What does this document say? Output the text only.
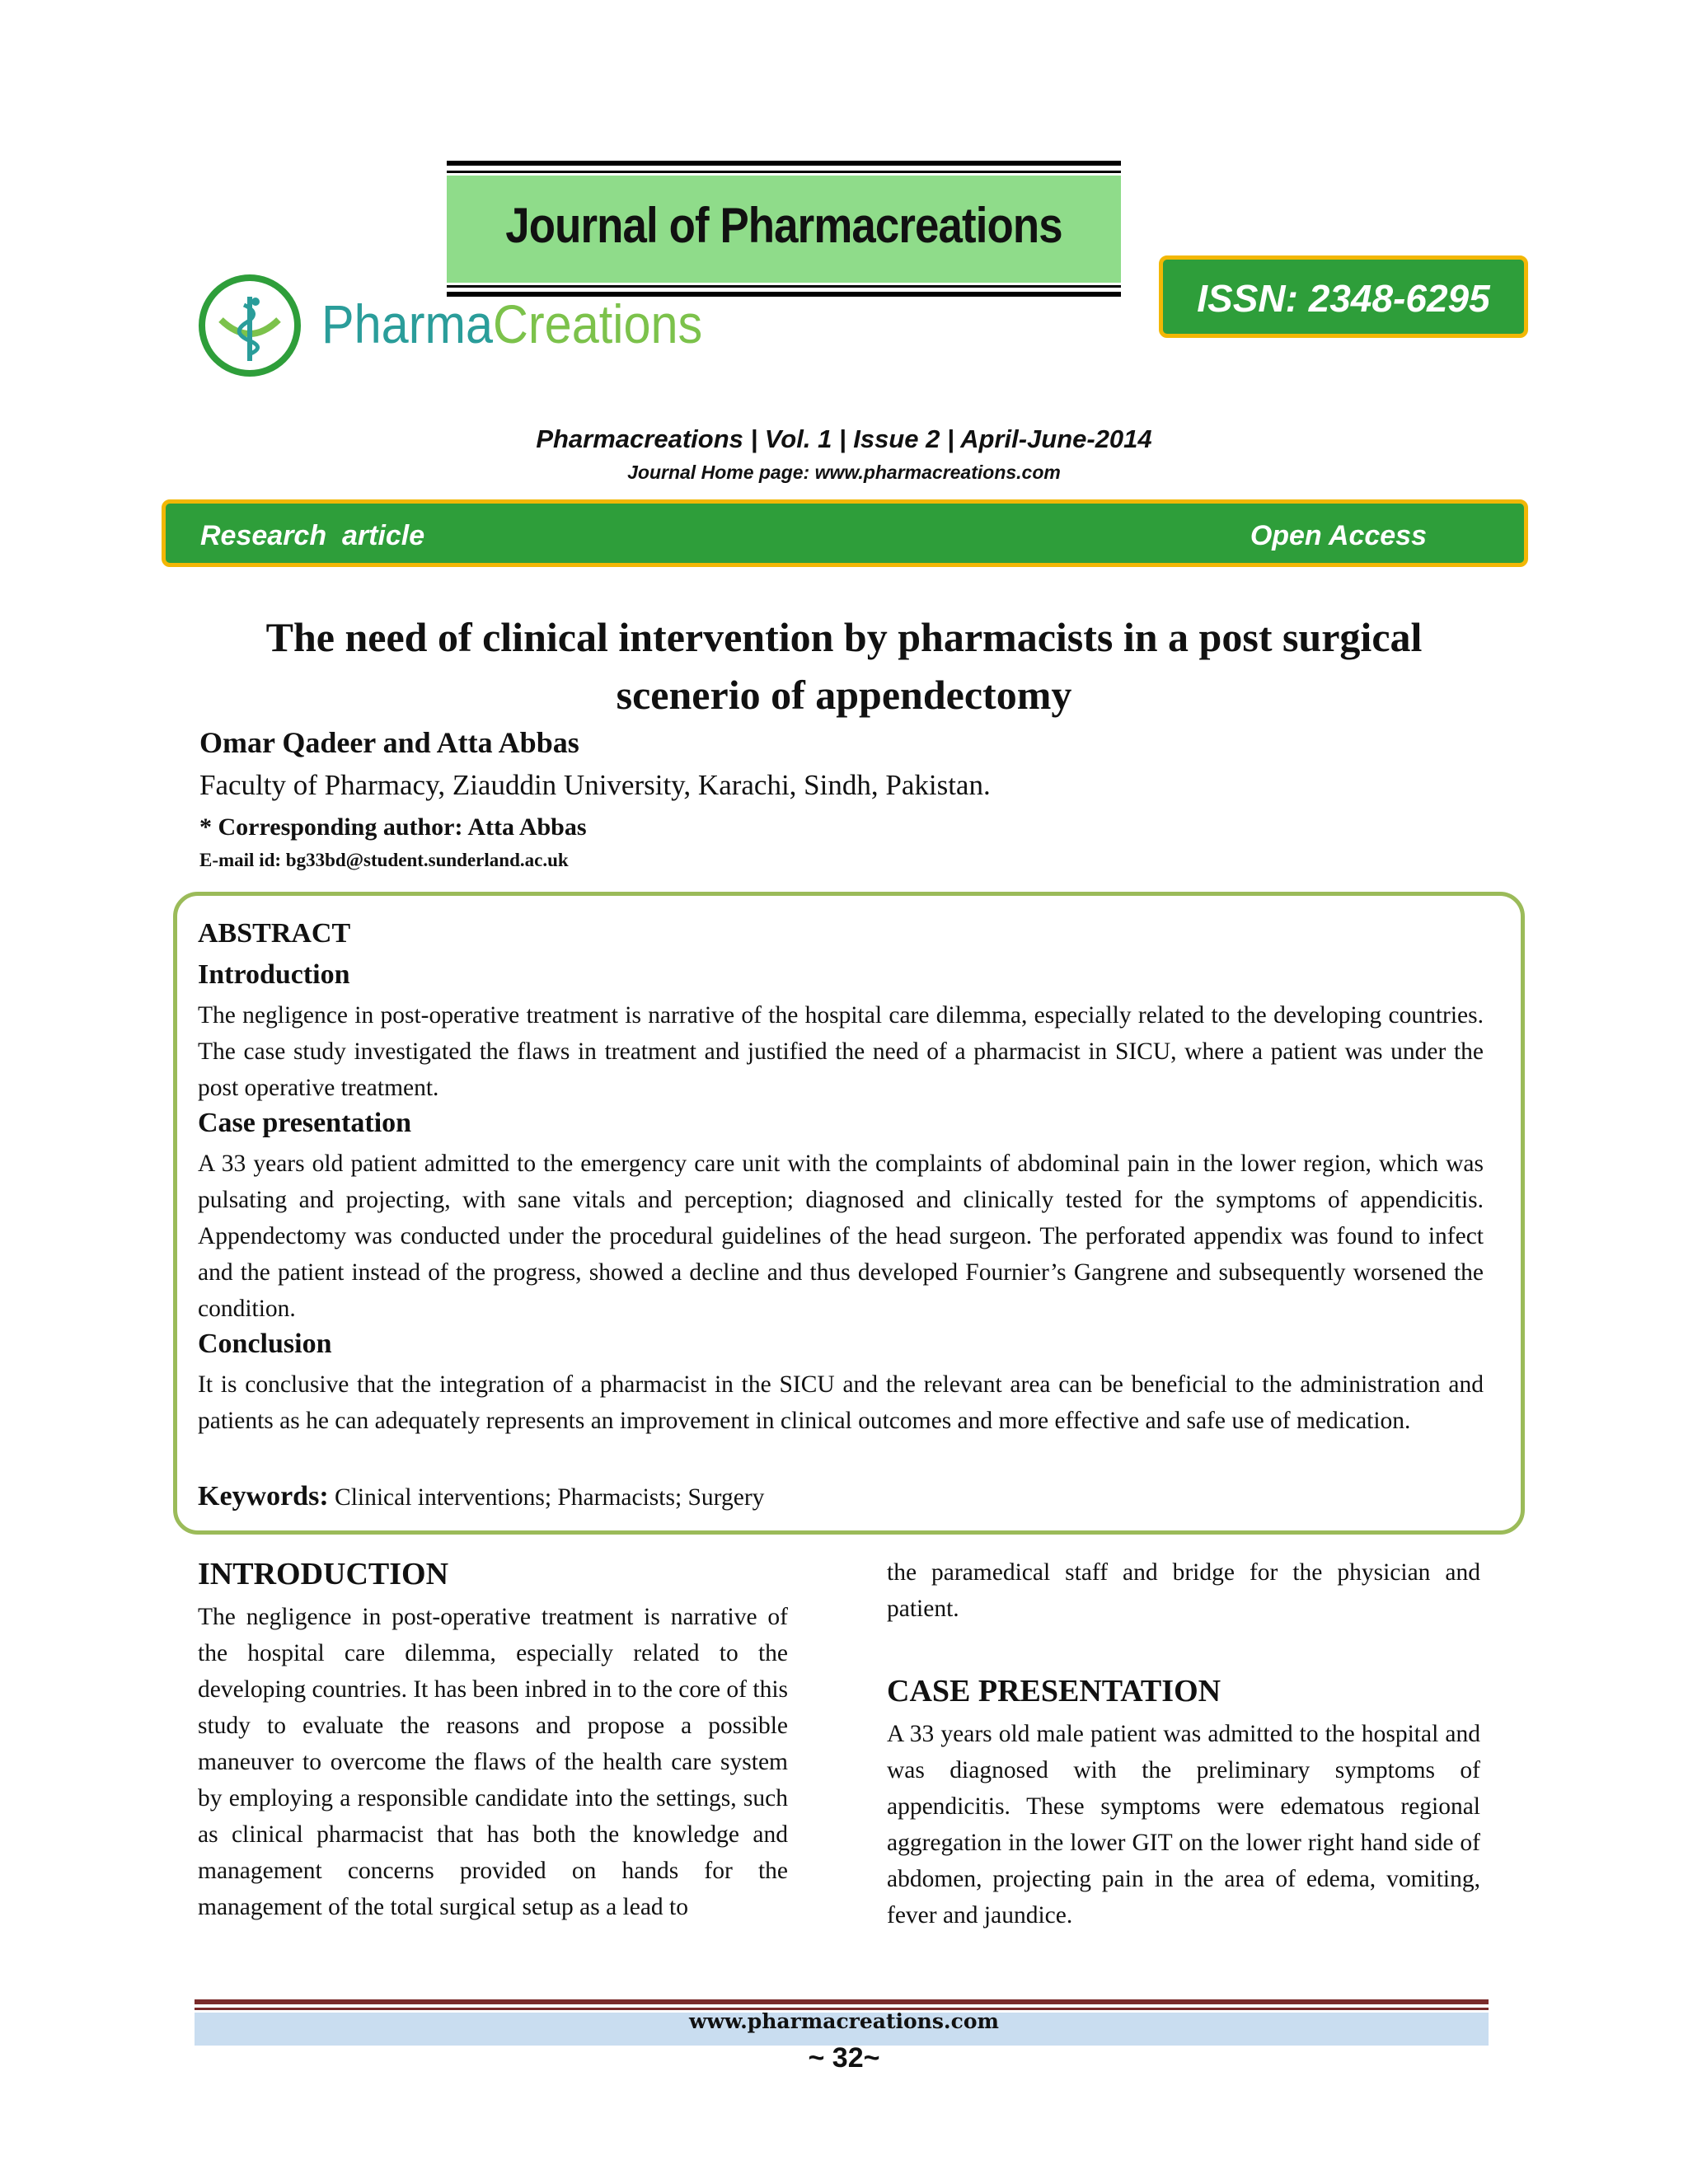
Journal of Pharmacreations
PharmaCreations	ISSN: 2348-6295
Pharmacreations | Vol. 1 | Issue 2 | April-June-2014
Journal Home page: www.pharmacreations.com
Research  article	Open Access
The need of clinical intervention by pharmacists in a post surgical
scenerio of appendectomy
Omar Qadeer and Atta Abbas
Faculty of Pharmacy, Ziauddin University, Karachi, Sindh, Pakistan.
* Corresponding author: Atta Abbas
E-mail id: bg33bd@student.sunderland.ac.uk
ABSTRACT
Introduction
The negligence in post-operative treatment is narrative of the hospital care dilemma, especially related to the developing countries. The case study investigated the flaws in treatment and justified the need of a pharmacist in SICU, where a patient was under the post operative treatment.
Case presentation
A 33 years old patient admitted to the emergency care unit with the complaints of abdominal pain in the lower region, which was pulsating and projecting, with sane vitals and perception; diagnosed and clinically tested for the symptoms of appendicitis. Appendectomy was conducted under the procedural guidelines of the head surgeon. The perforated appendix was found to infect and the patient instead of the progress, showed a decline and thus developed Fournier’s Gangrene and subsequently worsened the condition.
Conclusion
It is conclusive that the integration of a pharmacist in the SICU and the relevant area can be beneficial to the administration and patients as he can adequately represents an improvement in clinical outcomes and more effective and safe use of medication.
Keywords: Clinical interventions; Pharmacists; Surgery
INTRODUCTION
The negligence in post-operative treatment is narrative of the hospital care dilemma, especially related to the developing countries. It has been inbred in to the core of this study to evaluate the reasons and propose a possible maneuver to overcome the flaws of the health care system by employing a responsible candidate into the settings, such as clinical pharmacist that has both the knowledge and management concerns provided on hands for the management of the total surgical setup as a lead to
the paramedical staff and bridge for the physician and patient.
CASE PRESENTATION
A 33 years old male patient was admitted to the hospital and was diagnosed with the preliminary symptoms of appendicitis. These symptoms were edematous regional aggregation in the lower GIT on the lower right hand side of abdomen, projecting pain in the area of edema, vomiting, fever and jaundice.
www.pharmacreations.com
~ 32~
